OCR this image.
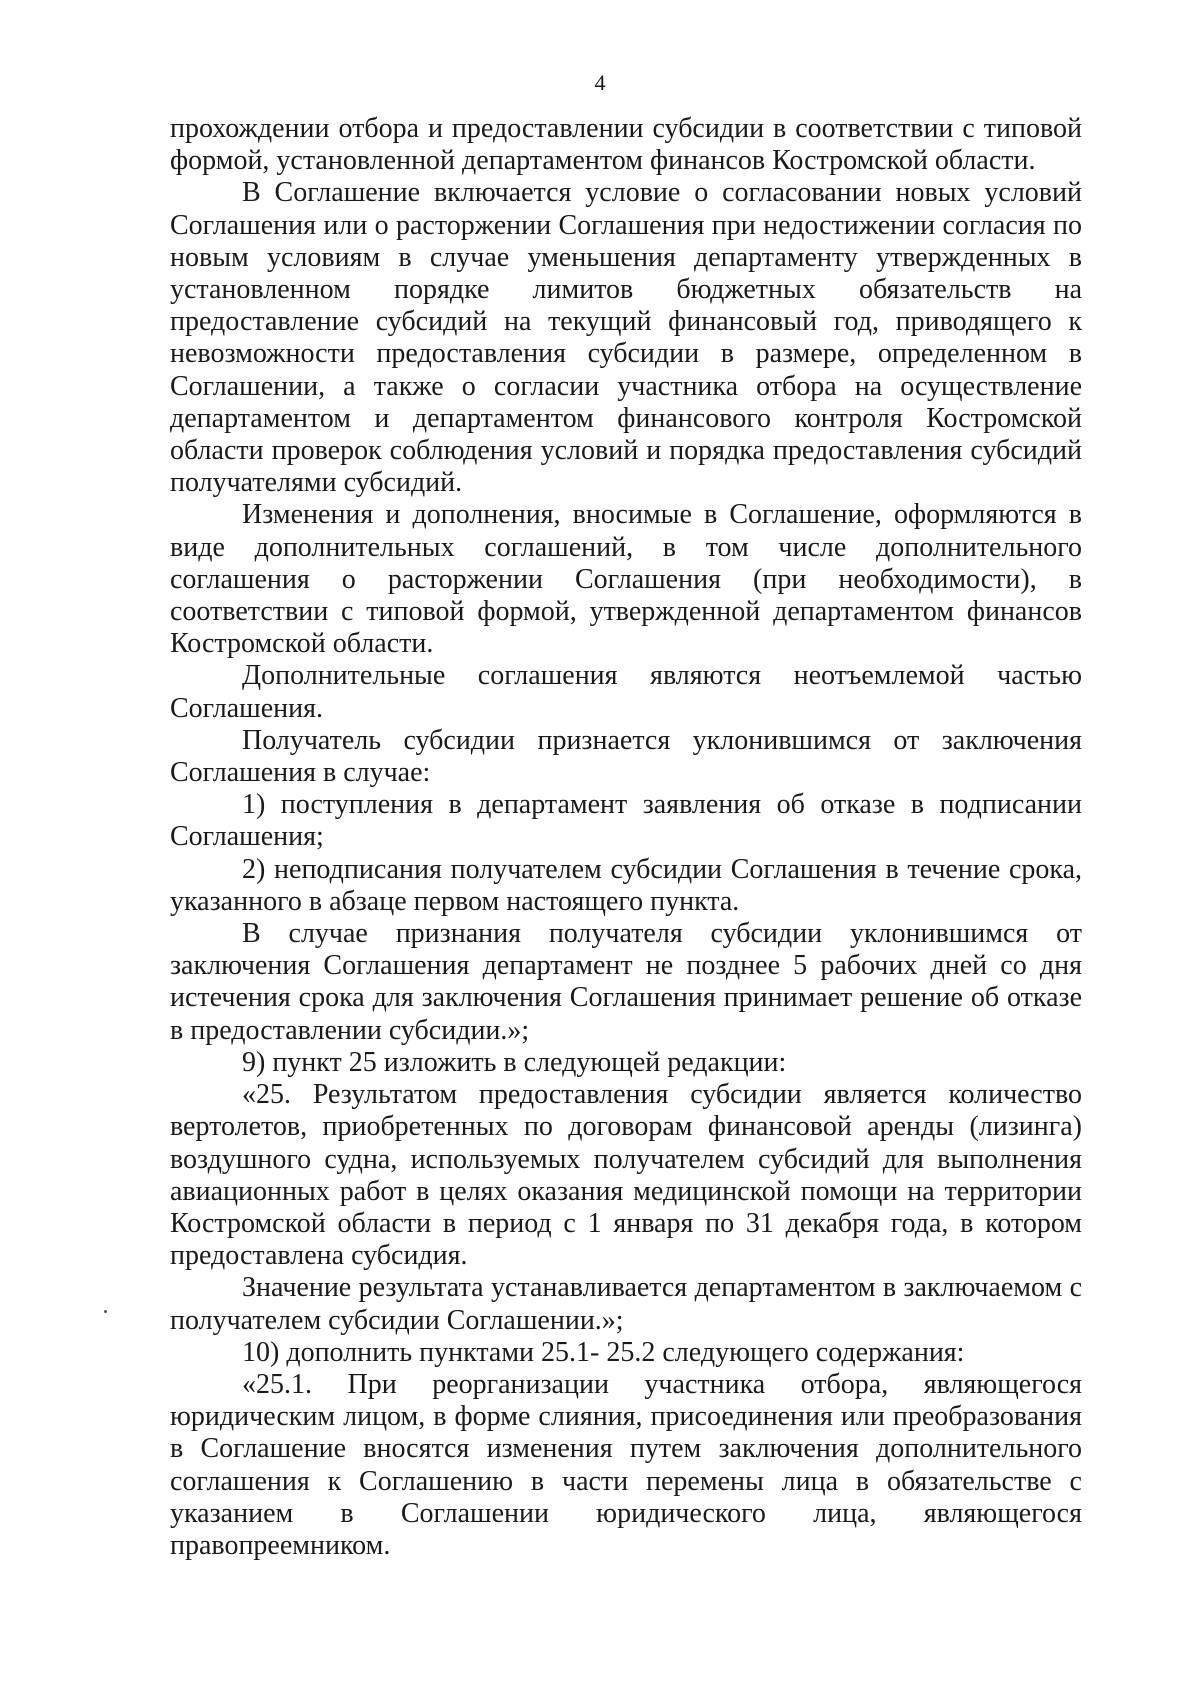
4

прохождении отбора и предоставлении субсидии в соответствии с типовой формой, установленной департаментом финансов Костромской области.

В Соглашение включается условие о согласовании новых условий Соглашения или о расторжении Соглашения при недостижении согласия по новым условиям в случае уменьшения департаменту утвержденных в установленном порядке лимитов бюджетных обязательств на предоставление субсидий на текущий финансовый год, приводящего к невозможности предоставления субсидии в размере, определенном в Соглашении, а также о согласии участника отбора на осуществление департаментом и департаментом финансового контроля Костромской области проверок соблюдения условий и порядка предоставления субсидий получателями субсидий.

Изменения и дополнения, вносимые в Соглашение, оформляются в виде дополнительных соглашений, в том числе дополнительного соглашения о расторжении Соглашения (при необходимости), в соответствии с типовой формой, утвержденной департаментом финансов Костромской области.

Дополнительные соглашения являются неотъемлемой частью Соглашения.

Получатель субсидии признается уклонившимся от заключения Соглашения в случае:

1) поступления в департамент заявления об отказе в подписании Соглашения;

2) неподписания получателем субсидии Соглашения в течение срока, указанного в абзаце первом настоящего пункта.

В случае признания получателя субсидии уклонившимся от заключения Соглашения департамент не позднее 5 рабочих дней со дня истечения срока для заключения Соглашения принимает решение об отказе в предоставлении субсидии.»;

9) пункт 25 изложить в следующей редакции:

«25. Результатом предоставления субсидии является количество вертолетов, приобретенных по договорам финансовой аренды (лизинга) воздушного судна, используемых получателем субсидий для выполнения авиационных работ в целях оказания медицинской помощи на территории Костромской области в период с 1 января по 31 декабря года, в котором предоставлена субсидия.

Значение результата устанавливается департаментом в заключаемом с получателем субсидии Соглашении.»;

10) дополнить пунктами 25.1- 25.2 следующего содержания:

«25.1. При реорганизации участника отбора, являющегося юридическим лицом, в форме слияния, присоединения или преобразования в Соглашение вносятся изменения путем заключения дополнительного соглашения к Соглашению в части перемены лица в обязательстве с указанием в Соглашении юридического лица, являющегося правопреемником.
